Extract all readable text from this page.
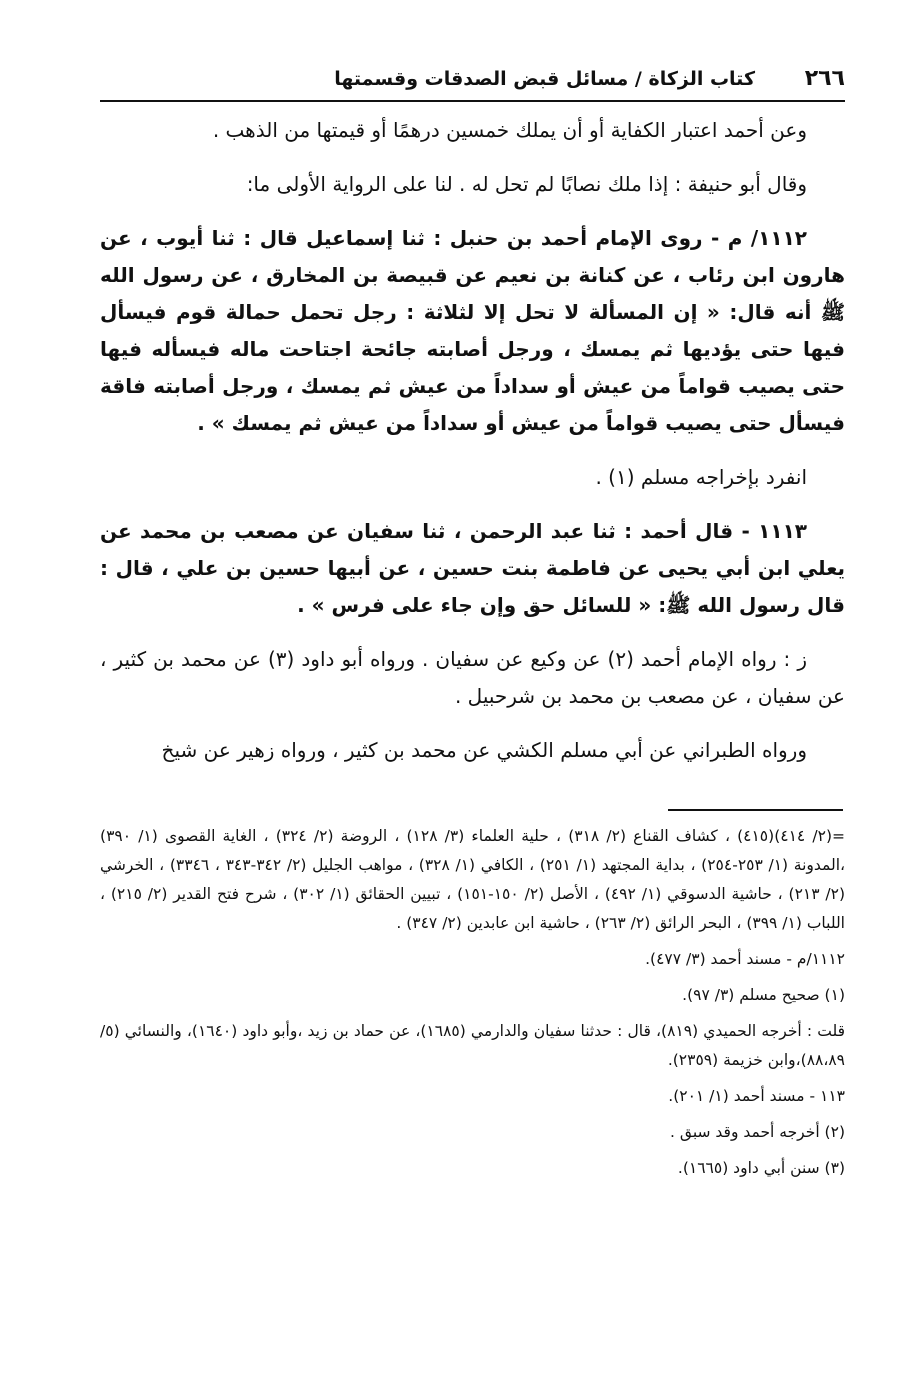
٢٦٦
كتاب الزكاة / مسائل قبض الصدقات وقسمتها

وعن أحمد اعتبار الكفاية أو أن يملك خمسين درهمًا أو قيمتها من الذهب .

وقال أبو حنيفة : إذا ملك نصابًا لم تحل له . لنا على الرواية الأولى ما:

١١١٢/ م - روى الإمام أحمد بن حنبل : ثنا إسماعيل قال : ثنا أيوب ، عن هارون ابن رئاب ، عن كنانة بن نعيم عن قبيصة بن المخارق ، عن رسول الله ﷺ أنه قال: « إن المسألة لا تحل إلا لثلاثة : رجل تحمل حمالة قوم فيسأل فيها حتى يؤديها ثم يمسك ، ورجل أصابته جائحة اجتاحت ماله فيسأله فيها حتى يصيب قواماً من عيش أو سداداً من عيش ثم يمسك ، ورجل أصابته فاقة فيسأل حتى يصيب قواماً من عيش أو سداداً من عيش ثم يمسك » .

انفرد بإخراجه مسلم (١) .

١١١٣ - قال أحمد : ثنا عبد الرحمن ، ثنا سفيان عن مصعب بن محمد عن يعلي ابن أبي يحيى عن فاطمة بنت حسين ، عن أبيها حسين بن علي ، قال : قال رسول الله ﷺ: « للسائل حق وإن جاء على فرس » .

ز : رواه الإمام أحمد (٢) عن وكيع عن سفيان . ورواه أبو داود (٣) عن محمد بن كثير ، عن سفيان ، عن مصعب بن محمد بن شرحبيل .

ورواه الطبراني عن أبي مسلم الكشي عن محمد بن كثير ، ورواه زهير عن شيخ

=(٢/ ٤١٤)(٤١٥) ، كشاف القناع (٢/ ٣١٨) ، حلية العلماء (٣/ ١٢٨) ، الروضة (٢/ ٣٢٤) ، الغاية القصوى (١/ ٣٩٠) ،المدونة (١/ ٢٥٣-٢٥٤) ، بداية المجتهد (١/ ٢٥١) ، الكافي (١/ ٣٢٨) ، مواهب الجليل (٢/ ٣٤٢-٣٤٣ ، ٣٣٤٦) ، الخرشي (٢/ ٢١٣) ، حاشية الدسوقي (١/ ٤٩٢) ، الأصل (٢/ ١٥٠-١٥١) ، تبيين الحقائق (١/ ٣٠٢) ، شرح فتح القدير (٢/ ٢١٥) ، اللباب (١/ ٣٩٩) ، البحر الرائق (٢/ ٢٦٣) ، حاشية ابن عابدين (٢/ ٣٤٧) .

١١١٢/م - مسند أحمد (٣/ ٤٧٧).

(١) صحيح مسلم (٣/ ٩٧).

قلت : أخرجه الحميدي (٨١٩)، قال : حدثنا سفيان والدارمي (١٦٨٥)، عن حماد بن زيد ،وأبو داود (١٦٤٠)، والنسائي (٥/ ٨٨،٨٩)،وابن خزيمة (٢٣٥٩).

١١٣ - مسند أحمد (١/ ٢٠١).

(٢) أخرجه أحمد وقد سبق .

(٣) سنن أبي داود (١٦٦٥).
